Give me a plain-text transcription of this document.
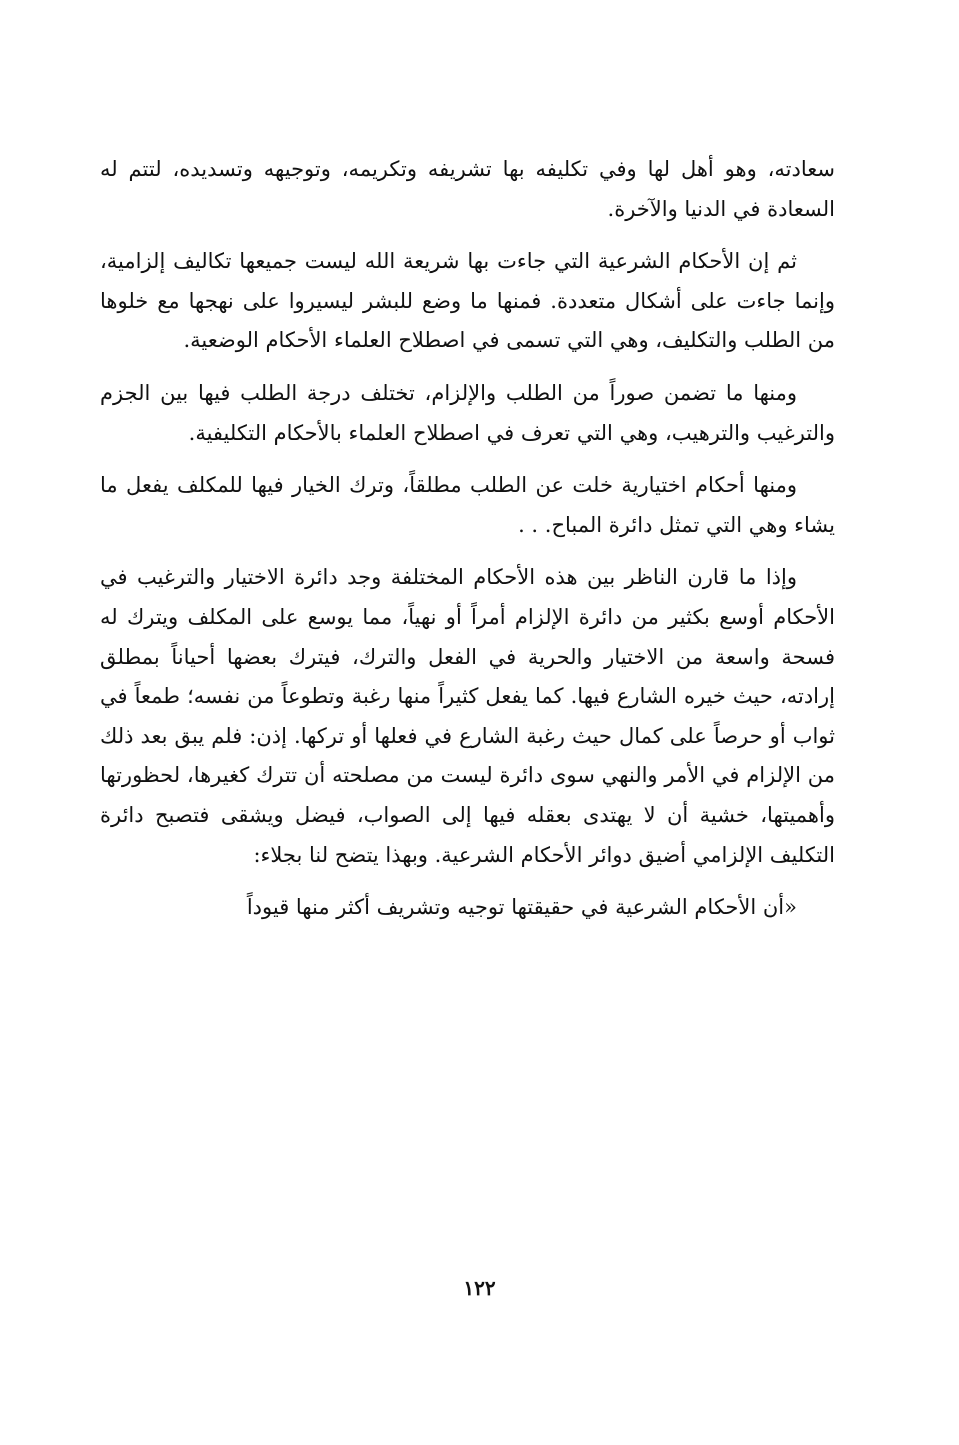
سعادته، وهو أهل لها وفي تكليفه بها تشريفه وتكريمه، وتوجيهه وتسديده، لتتم له السعادة في الدنيا والآخرة.

ثم إن الأحكام الشرعية التي جاءت بها شريعة الله ليست جميعها تكاليف إلزامية، وإنما جاءت على أشكال متعددة. فمنها ما وضع للبشر ليسيروا على نهجها مع خلوها من الطلب والتكليف، وهي التي تسمى في اصطلاح العلماء الأحكام الوضعية.

ومنها ما تضمن صوراً من الطلب والإلزام، تختلف درجة الطلب فيها بين الجزم والترغيب والترهيب، وهي التي تعرف في اصطلاح العلماء بالأحكام التكليفية.

ومنها أحكام اختيارية خلت عن الطلب مطلقاً، وترك الخيار فيها للمكلف يفعل ما يشاء وهي التي تمثل دائرة المباح. . .

وإذا ما قارن الناظر بين هذه الأحكام المختلفة وجد دائرة الاختيار والترغيب في الأحكام أوسع بكثير من دائرة الإلزام أمراً أو نهياً، مما يوسع على المكلف ويترك له فسحة واسعة من الاختيار والحرية في الفعل والترك، فيترك بعضها أحياناً بمطلق إرادته، حيث خيره الشارع فيها. كما يفعل كثيراً منها رغبة وتطوعاً من نفسه؛ طمعاً في ثواب أو حرصاً على كمال حيث رغبة الشارع في فعلها أو تركها. إذن: فلم يبق بعد ذلك من الإلزام في الأمر والنهي سوى دائرة ليست من مصلحته أن تترك كغيرها، لحظورتها وأهميتها، خشية أن لا يهتدى بعقله فيها إلى الصواب، فيضل ويشقى فتصبح دائرة التكليف الإلزامي أضيق دوائر الأحكام الشرعية. وبهذا يتضح لنا بجلاء:

«أن الأحكام الشرعية في حقيقتها توجيه وتشريف أكثر منها قيوداً

١٢٢
